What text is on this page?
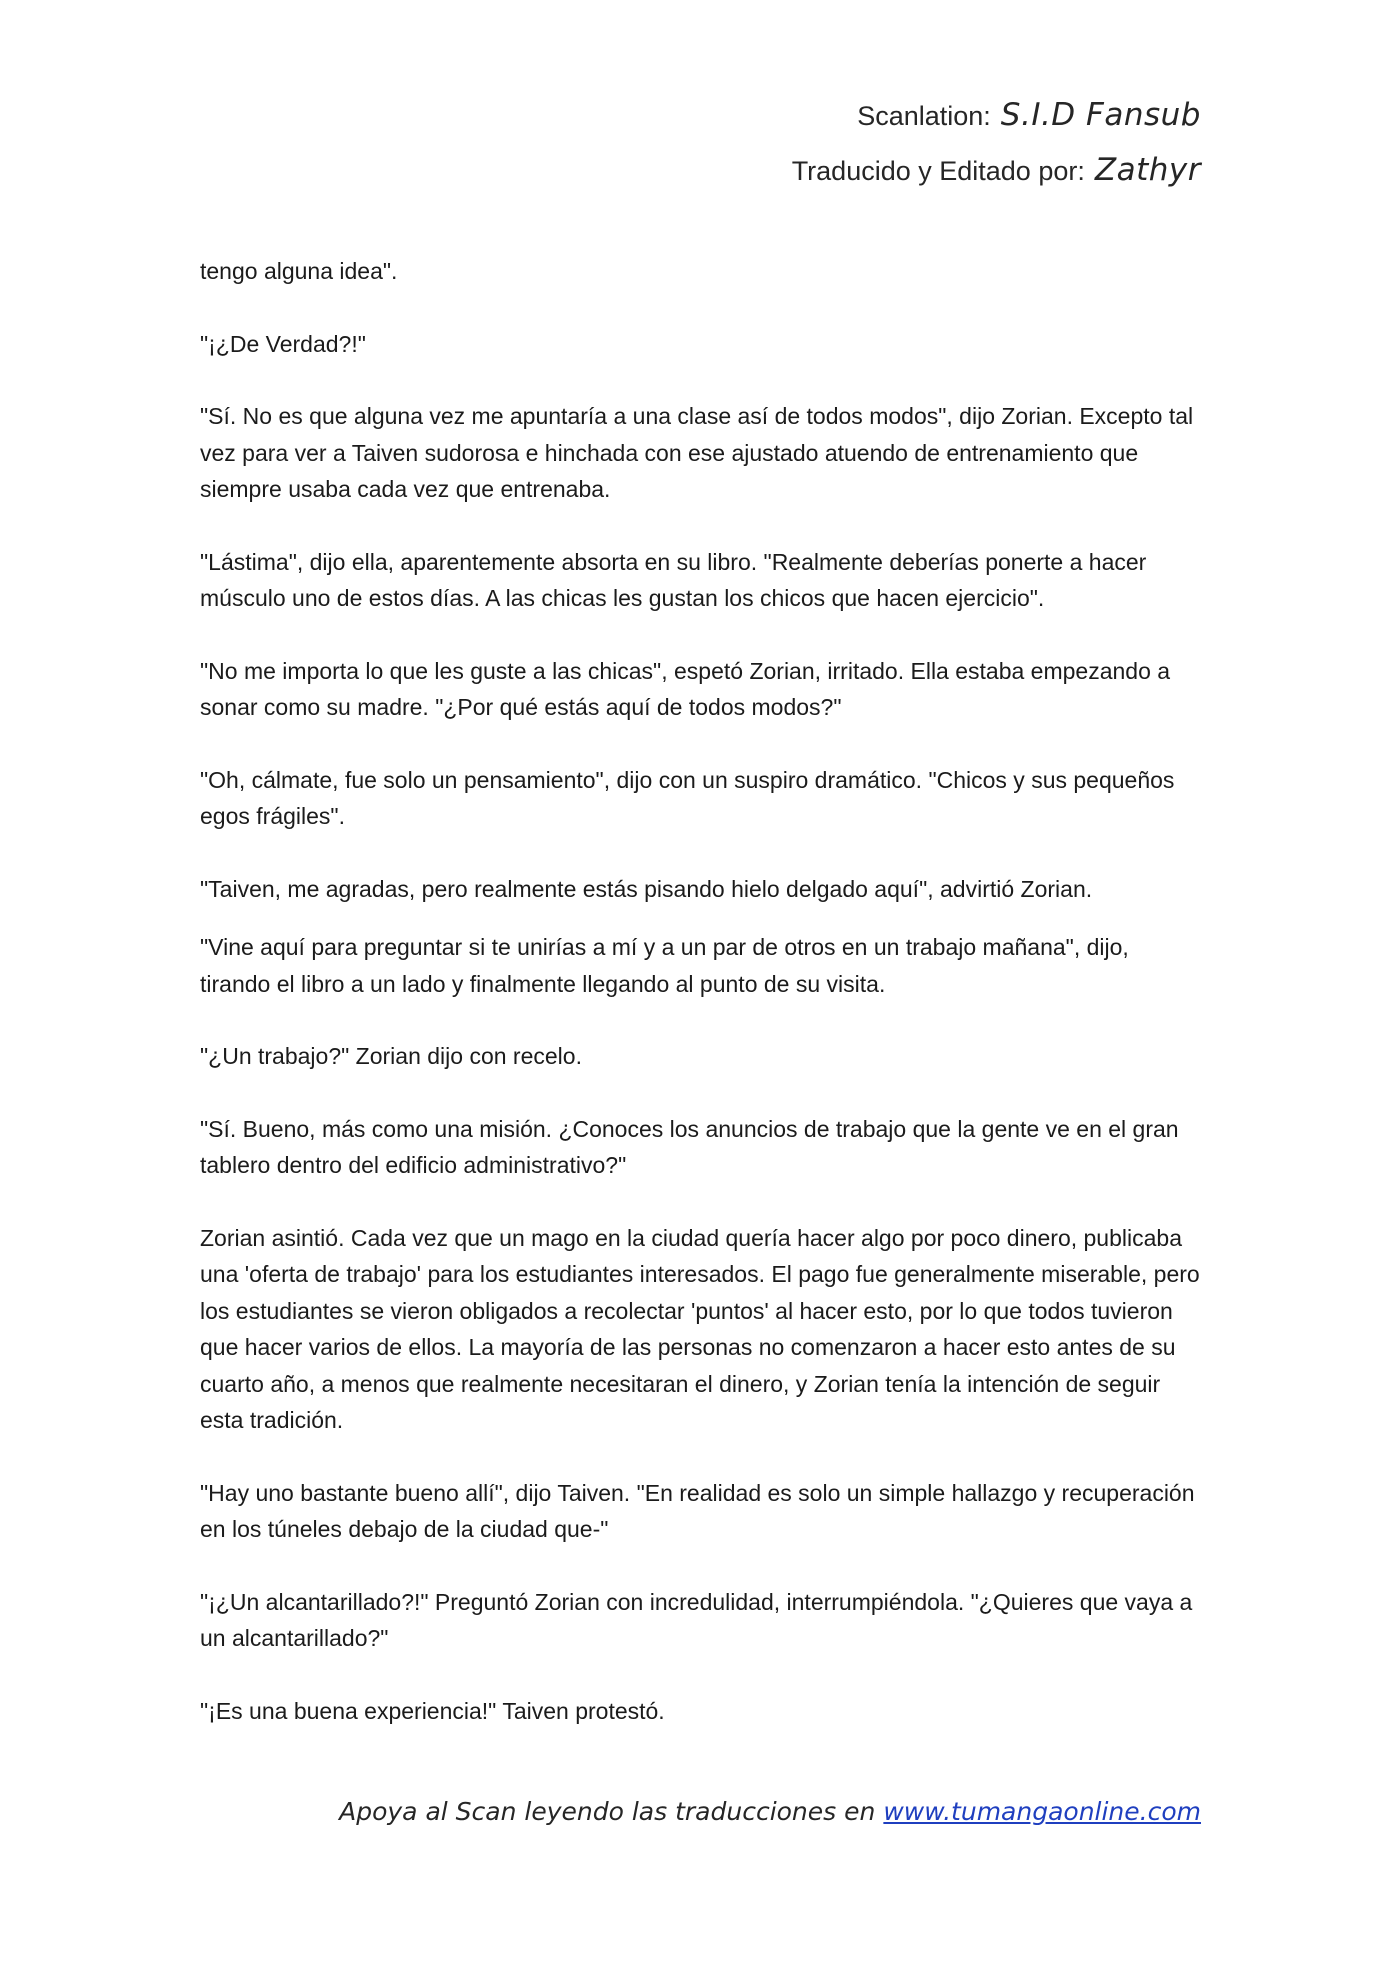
Scanlation: S.I.D Fansub
Traducido y Editado por: Zathyr

tengo alguna idea".

"¡¿De Verdad?!"

"Sí. No es que alguna vez me apuntaría a una clase así de todos modos", dijo Zorian. Excepto tal vez para ver a Taiven sudorosa e hinchada con ese ajustado atuendo de entrenamiento que siempre usaba cada vez que entrenaba.

"Lástima", dijo ella, aparentemente absorta en su libro. "Realmente deberías ponerte a hacer músculo uno de estos días. A las chicas les gustan los chicos que hacen ejercicio".

"No me importa lo que les guste a las chicas", espetó Zorian, irritado. Ella estaba empezando a sonar como su madre. "¿Por qué estás aquí de todos modos?"

"Oh, cálmate, fue solo un pensamiento", dijo con un suspiro dramático. "Chicos y sus pequeños egos frágiles".

"Taiven, me agradas, pero realmente estás pisando hielo delgado aquí", advirtió Zorian.

"Vine aquí para preguntar si te unirías a mí y a un par de otros en un trabajo mañana", dijo, tirando el libro a un lado y finalmente llegando al punto de su visita.

"¿Un trabajo?" Zorian dijo con recelo.

"Sí. Bueno, más como una misión. ¿Conoces los anuncios de trabajo que la gente ve en el gran tablero dentro del edificio administrativo?"

Zorian asintió. Cada vez que un mago en la ciudad quería hacer algo por poco dinero, publicaba una 'oferta de trabajo' para los estudiantes interesados. El pago fue generalmente miserable, pero los estudiantes se vieron obligados a recolectar 'puntos' al hacer esto, por lo que todos tuvieron que hacer varios de ellos. La mayoría de las personas no comenzaron a hacer esto antes de su cuarto año, a menos que realmente necesitaran el dinero, y Zorian tenía la intención de seguir esta tradición.

"Hay uno bastante bueno allí", dijo Taiven. "En realidad es solo un simple hallazgo y recuperación en los túneles debajo de la ciudad que-"

"¡¿Un alcantarillado?!" Preguntó Zorian con incredulidad, interrumpiéndola. "¿Quieres que vaya a un alcantarillado?"

"¡Es una buena experiencia!" Taiven protestó.

Apoya al Scan leyendo las traducciones en www.tumangaonline.com
